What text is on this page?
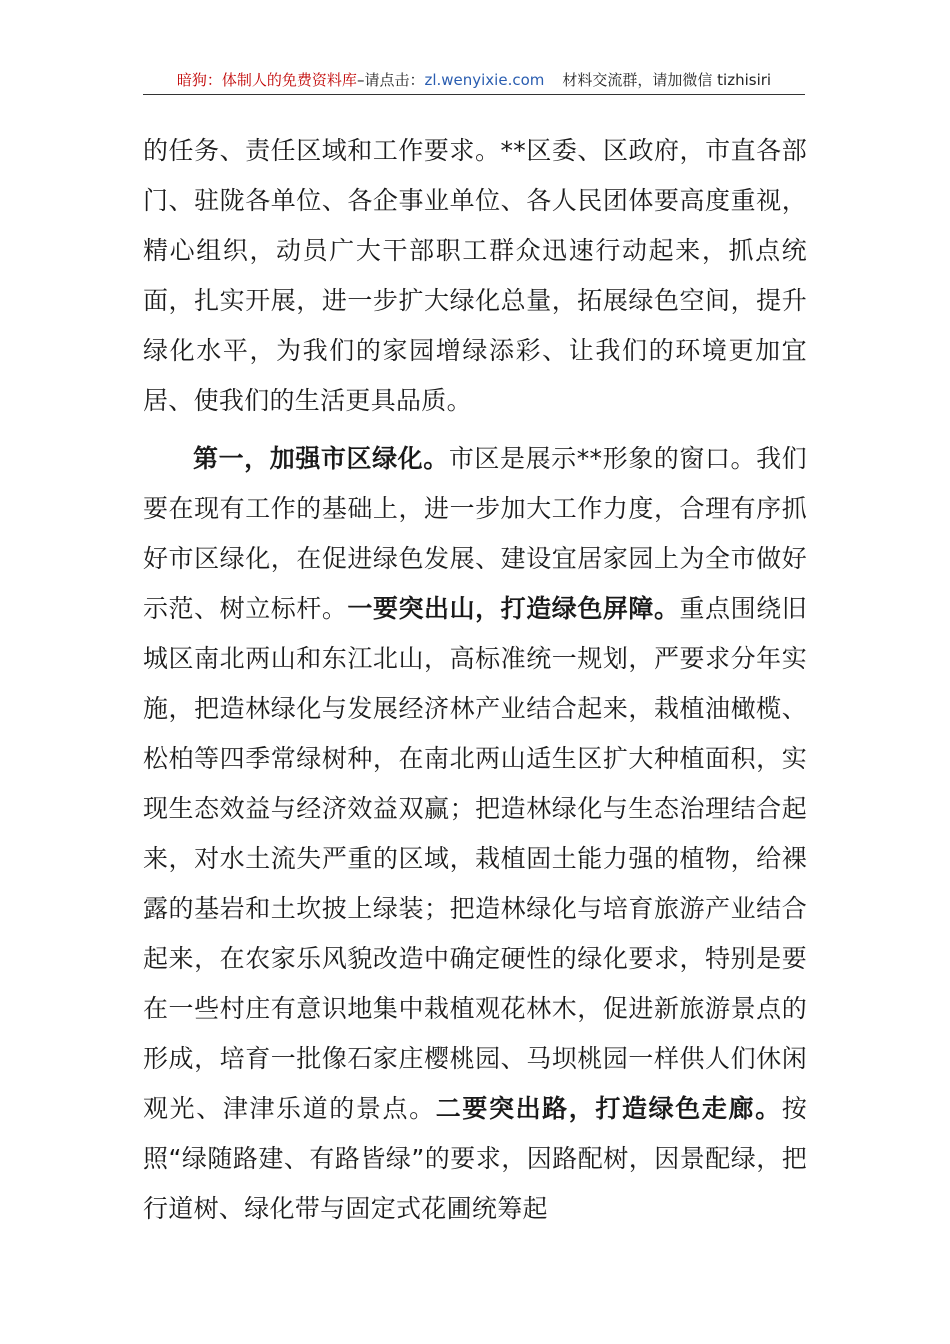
暗狗：体制人的免费资料库–请点击：zl.wenyixie.com 材料交流群，请加微信 tizhisiri

的任务、责任区域和工作要求。**区委、区政府，市直各部门、驻陇各单位、各企事业单位、各人民团体要高度重视，精心组织，动员广大干部职工群众迅速行动起来，抓点统面，扎实开展，进一步扩大绿化总量，拓展绿色空间，提升绿化水平，为我们的家园增绿添彩、让我们的环境更加宜居、使我们的生活更具品质。

第一，加强市区绿化。市区是展示**形象的窗口。我们要在现有工作的基础上，进一步加大工作力度，合理有序抓好市区绿化，在促进绿色发展、建设宜居家园上为全市做好示范、树立标杆。一要突出山，打造绿色屏障。重点围绕旧城区南北两山和东江北山，高标准统一规划，严要求分年实施，把造林绿化与发展经济林产业结合起来，栽植油橄榄、松柏等四季常绿树种，在南北两山适生区扩大种植面积，实现生态效益与经济效益双赢；把造林绿化与生态治理结合起来，对水土流失严重的区域，栽植固土能力强的植物，给裸露的基岩和土坎披上绿装；把造林绿化与培育旅游产业结合起来，在农家乐风貌改造中确定硬性的绿化要求，特别是要在一些村庄有意识地集中栽植观花林木，促进新旅游景点的形成，培育一批像石家庄樱桃园、马坝桃园一样供人们休闲观光、津津乐道的景点。二要突出路，打造绿色走廊。按照“绿随路建、有路皆绿”的要求，因路配树，因景配绿，把行道树、绿化带与固定式花圃统筹起
